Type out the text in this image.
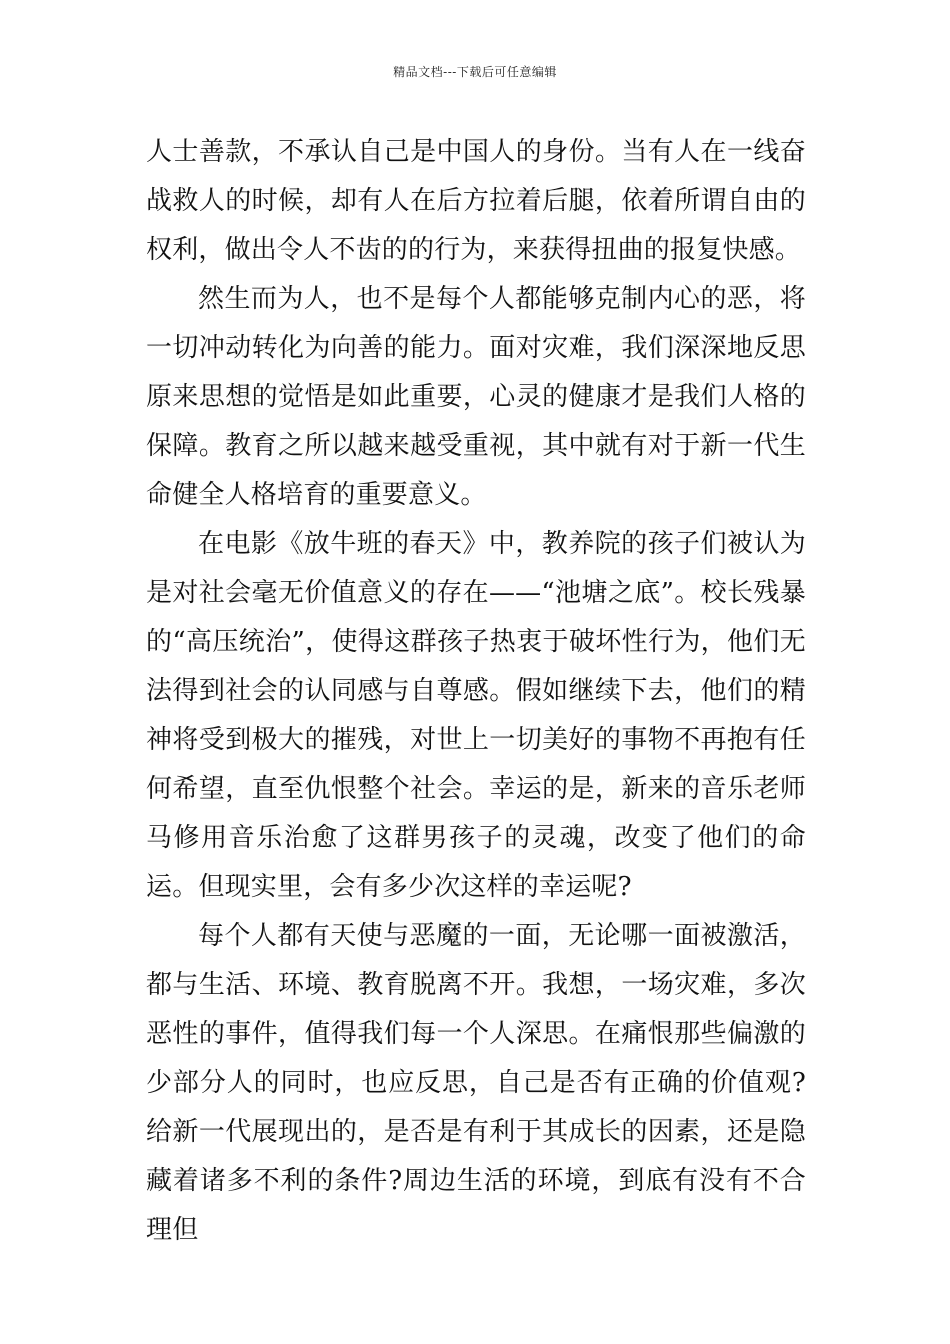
精品文档---下载后可任意编辑

人士善款，不承认自己是中国人的身份。当有人在一线奋战救人的时候，却有人在后方拉着后腿，依着所谓自由的权利，做出令人不齿的的行为，来获得扭曲的报复快感。

然生而为人，也不是每个人都能够克制内心的恶，将一切冲动转化为向善的能力。面对灾难，我们深深地反思原来思想的觉悟是如此重要，心灵的健康才是我们人格的保障。教育之所以越来越受重视，其中就有对于新一代生命健全人格培育的重要意义。

在电影《放牛班的春天》中，教养院的孩子们被认为是对社会毫无价值意义的存在——“池塘之底”。校长残暴的“高压统治”，使得这群孩子热衷于破坏性行为，他们无法得到社会的认同感与自尊感。假如继续下去，他们的精神将受到极大的摧残，对世上一切美好的事物不再抱有任何希望，直至仇恨整个社会。幸运的是，新来的音乐老师马修用音乐治愈了这群男孩子的灵魂，改变了他们的命运。但现实里，会有多少次这样的幸运呢?

每个人都有天使与恶魔的一面，无论哪一面被激活，都与生活、环境、教育脱离不开。我想，一场灾难，多次恶性的事件，值得我们每一个人深思。在痛恨那些偏激的少部分人的同时，也应反思，自己是否有正确的价值观?给新一代展现出的，是否是有利于其成长的因素，还是隐藏着诸多不利的条件?周边生活的环境，到底有没有不合理但
